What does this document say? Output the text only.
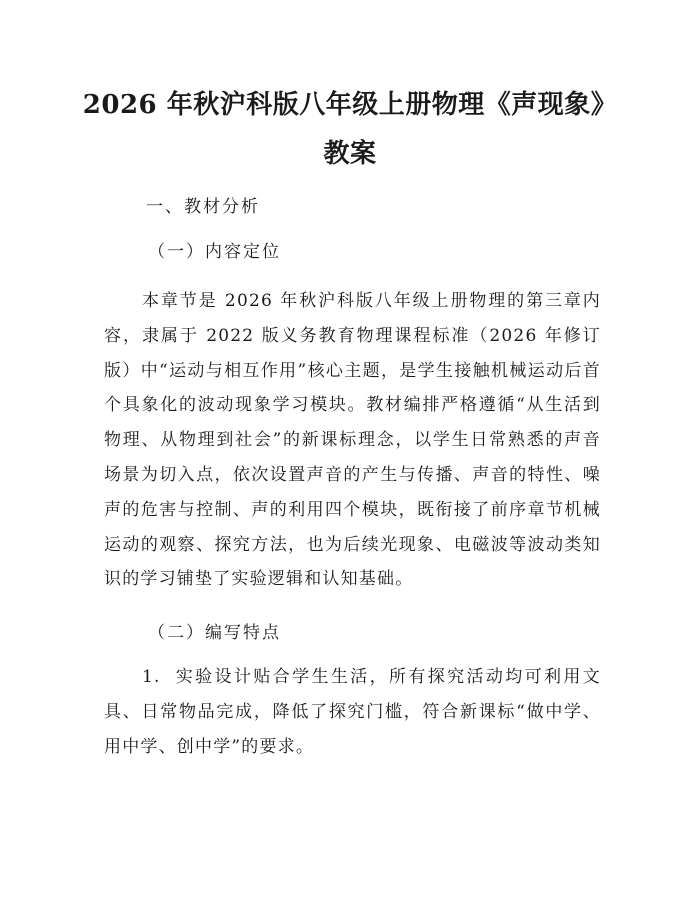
2026 年秋沪科版八年级上册物理《声现象》
教案

一、教材分析

（一）内容定位

本章节是 2026 年秋沪科版八年级上册物理的第三章内容，隶属于 2022 版义务教育物理课程标准（2026 年修订版）中“运动与相互作用”核心主题，是学生接触机械运动后首个具象化的波动现象学习模块。教材编排严格遵循“从生活到物理、从物理到社会”的新课标理念，以学生日常熟悉的声音场景为切入点，依次设置声音的产生与传播、声音的特性、噪声的危害与控制、声的利用四个模块，既衔接了前序章节机械运动的观察、探究方法，也为后续光现象、电磁波等波动类知识的学习铺垫了实验逻辑和认知基础。

（二）编写特点

1. 实验设计贴合学生生活，所有探究活动均可利用文具、日常物品完成，降低了探究门槛，符合新课标“做中学、用中学、创中学”的要求。
